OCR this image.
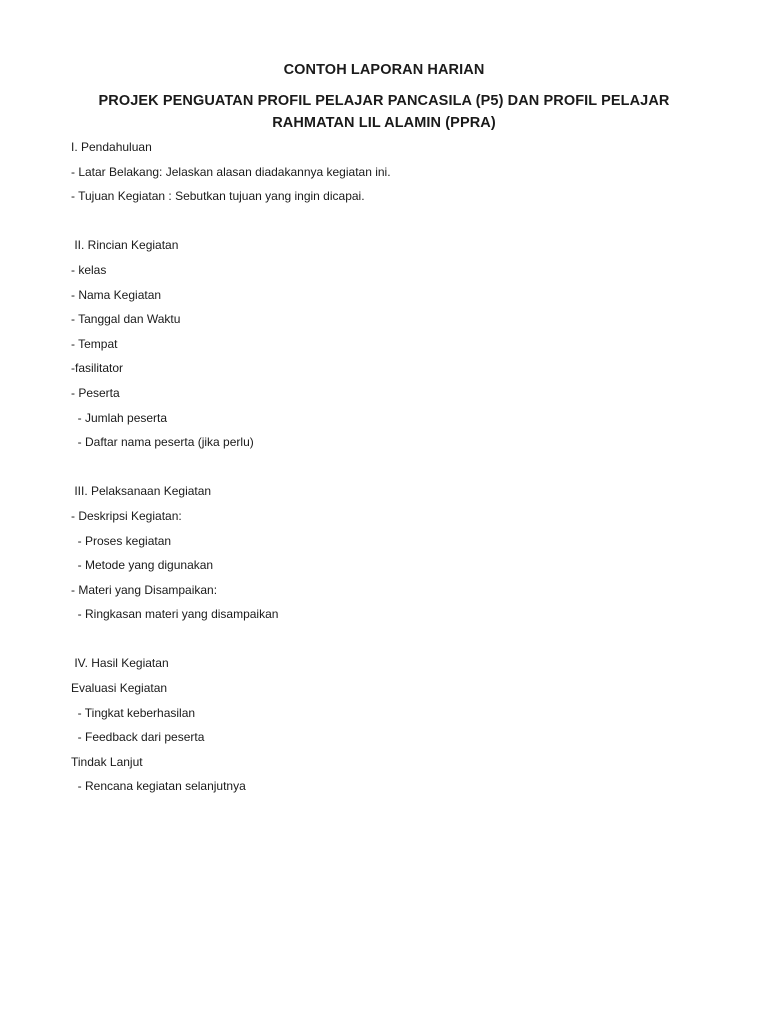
CONTOH LAPORAN HARIAN
PROJEK PENGUATAN PROFIL PELAJAR PANCASILA (P5) DAN PROFIL PELAJAR
RAHMATAN LIL ALAMIN (PPRA)
I. Pendahuluan
- Latar Belakang: Jelaskan alasan diadakannya kegiatan ini.
- Tujuan Kegiatan : Sebutkan tujuan yang ingin dicapai.
II. Rincian Kegiatan
- kelas
- Nama Kegiatan
- Tanggal dan Waktu
- Tempat
-fasilitator
- Peserta
- Jumlah peserta
- Daftar nama peserta (jika perlu)
III. Pelaksanaan Kegiatan
- Deskripsi Kegiatan:
- Proses kegiatan
- Metode yang digunakan
- Materi yang Disampaikan:
- Ringkasan materi yang disampaikan
IV. Hasil Kegiatan
Evaluasi Kegiatan
- Tingkat keberhasilan
- Feedback dari peserta
Tindak Lanjut
- Rencana kegiatan selanjutnya
